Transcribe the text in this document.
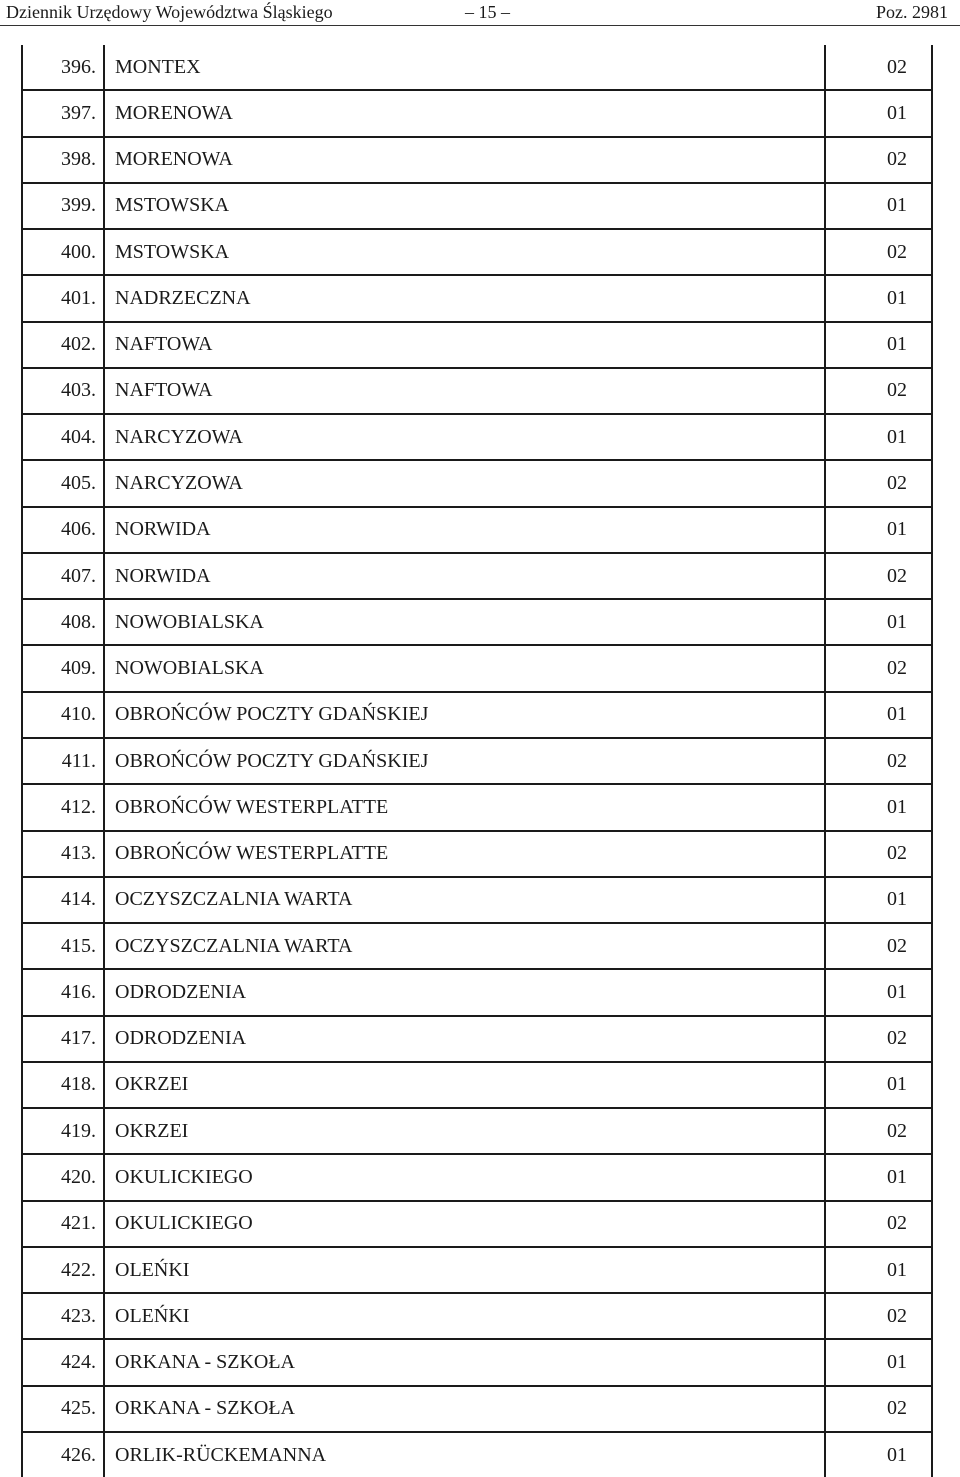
Dziennik Urzędowy Województwa Śląskiego	– 15 –	Poz. 2981
396.	MONTEX	02
397.	MORENOWA	01
398.	MORENOWA	02
399.	MSTOWSKA	01
400.	MSTOWSKA	02
401.	NADRZECZNA	01
402.	NAFTOWA	01
403.	NAFTOWA	02
404.	NARCYZOWA	01
405.	NARCYZOWA	02
406.	NORWIDA	01
407.	NORWIDA	02
408.	NOWOBIALSKA	01
409.	NOWOBIALSKA	02
410.	OBROŃCÓW POCZTY GDAŃSKIEJ	01
411.	OBROŃCÓW POCZTY GDAŃSKIEJ	02
412.	OBROŃCÓW WESTERPLATTE	01
413.	OBROŃCÓW WESTERPLATTE	02
414.	OCZYSZCZALNIA WARTA	01
415.	OCZYSZCZALNIA WARTA	02
416.	ODRODZENIA	01
417.	ODRODZENIA	02
418.	OKRZEI	01
419.	OKRZEI	02
420.	OKULICKIEGO	01
421.	OKULICKIEGO	02
422.	OLEŃKI	01
423.	OLEŃKI	02
424.	ORKANA - SZKOŁA	01
425.	ORKANA - SZKOŁA	02
426.	ORLIK-RÜCKEMANNA	01
